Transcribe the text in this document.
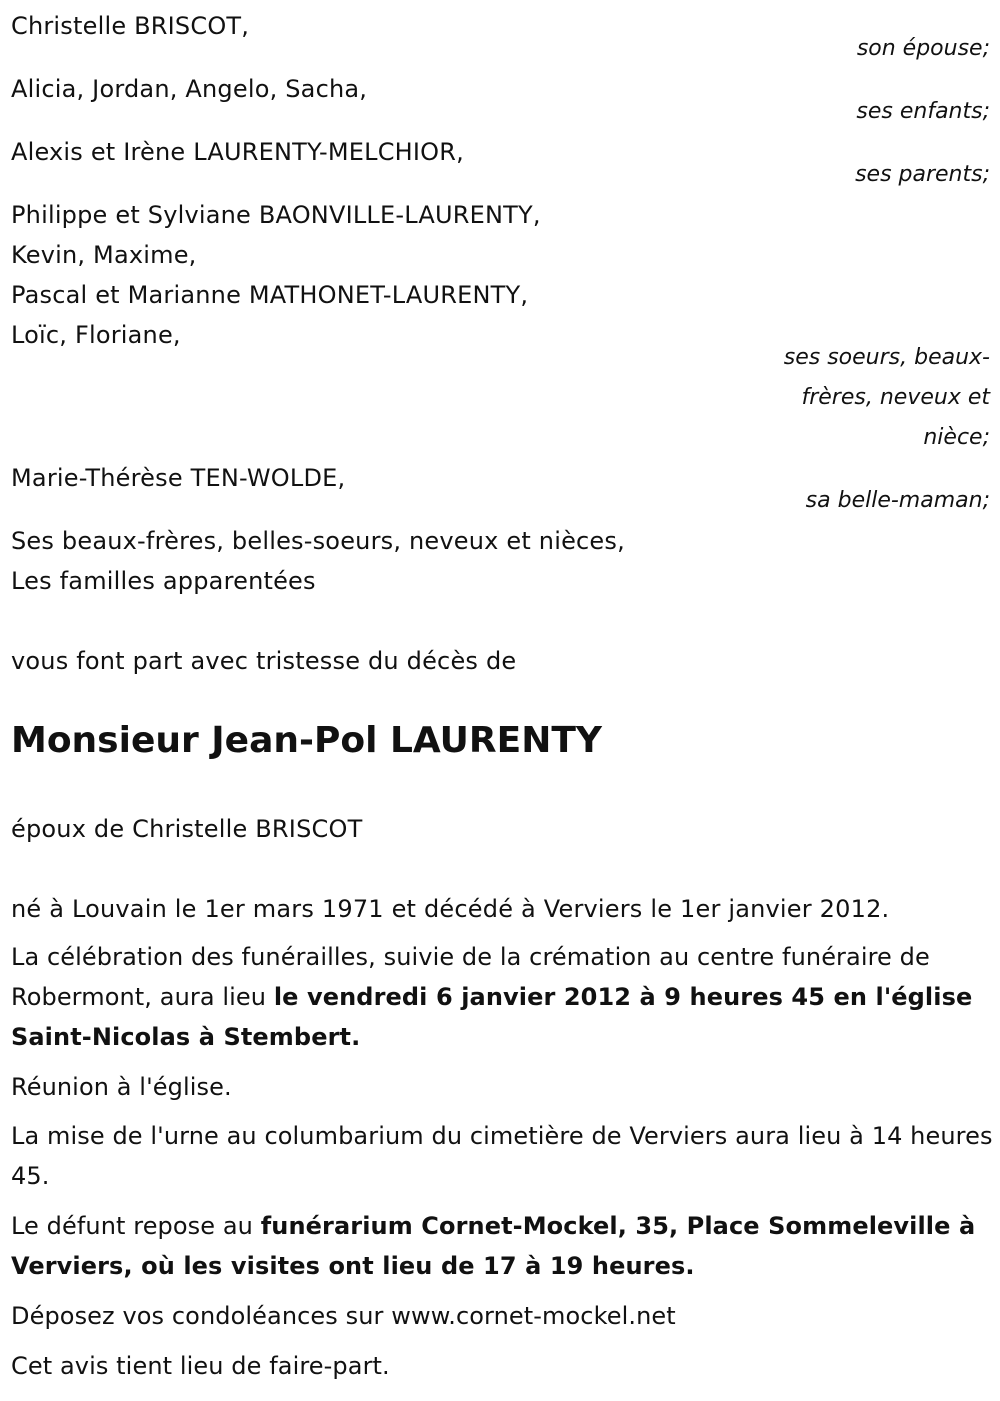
Christelle BRISCOT,
son épouse;
Alicia, Jordan, Angelo, Sacha,
ses enfants;
Alexis et Irène LAURENTY-MELCHIOR,
ses parents;
Philippe et Sylviane BAONVILLE-LAURENTY,
Kevin, Maxime,
Pascal et Marianne MATHONET-LAURENTY,
Loïc, Floriane,
ses soeurs, beaux-
frères, neveux et
nièce;
Marie-Thérèse TEN-WOLDE,
sa belle-maman;
Ses beaux-frères, belles-soeurs, neveux et nièces,
Les familles apparentées
vous font part avec tristesse du décès de
Monsieur Jean-Pol LAURENTY
époux de Christelle BRISCOT
né à Louvain le 1er mars 1971 et décédé à Verviers le 1er janvier 2012.
La célébration des funérailles, suivie de la crémation au centre funéraire de Robermont, aura lieu le vendredi 6 janvier 2012 à 9 heures 45 en l'église Saint-Nicolas à Stembert.
Réunion à l'église.
La mise de l'urne au columbarium du cimetière de Verviers aura lieu à 14 heures 45.
Le défunt repose au funérarium Cornet-Mockel, 35, Place Sommeleville à Verviers, où les visites ont lieu de 17 à 19 heures.
Déposez vos condoléances sur www.cornet-mockel.net
Cet avis tient lieu de faire-part.
